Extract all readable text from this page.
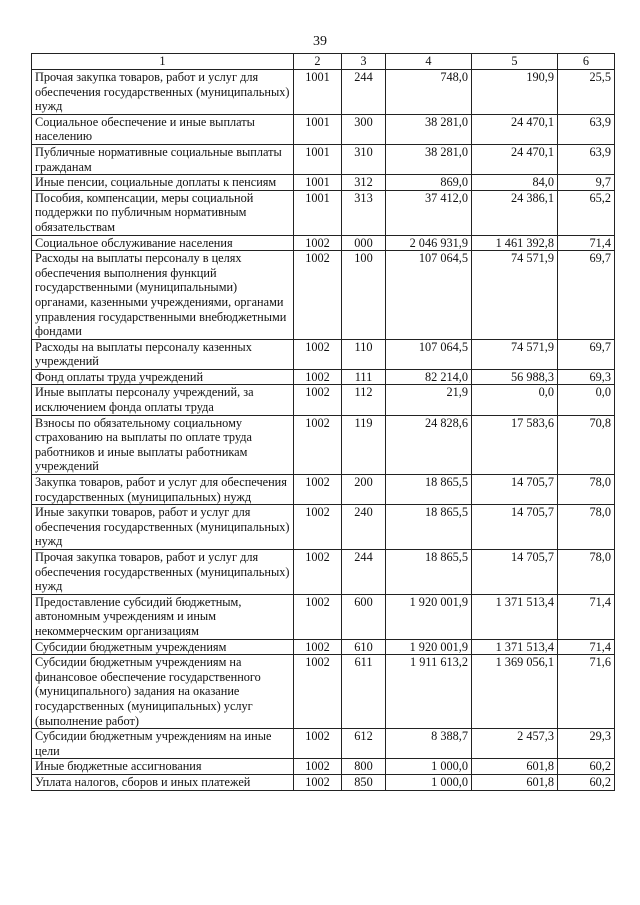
39
1	2	3	4	5	6
Прочая закупка товаров, работ и услуг для обеспечения государственных (муниципальных) нужд	1001	244	748,0	190,9	25,5
Социальное обеспечение и иные выплаты населению	1001	300	38 281,0	24 470,1	63,9
Публичные нормативные социальные выплаты гражданам	1001	310	38 281,0	24 470,1	63,9
Иные пенсии, социальные доплаты к пенсиям	1001	312	869,0	84,0	9,7
Пособия, компенсации, меры социальной поддержки по публичным нормативным обязательствам	1001	313	37 412,0	24 386,1	65,2
Социальное обслуживание населения	1002	000	2 046 931,9	1 461 392,8	71,4
Расходы на выплаты персоналу в целях обеспечения выполнения функций государственными (муниципальными) органами, казенными учреждениями, органами управления государственными внебюджетными фондами	1002	100	107 064,5	74 571,9	69,7
Расходы на выплаты персоналу казенных учреждений	1002	110	107 064,5	74 571,9	69,7
Фонд оплаты труда учреждений	1002	111	82 214,0	56 988,3	69,3
Иные выплаты персоналу учреждений, за исключением фонда оплаты труда	1002	112	21,9	0,0	0,0
Взносы по обязательному социальному страхованию на выплаты по оплате труда работников и иные выплаты работникам учреждений	1002	119	24 828,6	17 583,6	70,8
Закупка товаров, работ и услуг для обеспечения государственных (муниципальных) нужд	1002	200	18 865,5	14 705,7	78,0
Иные закупки товаров, работ и услуг для обеспечения государственных (муниципальных) нужд	1002	240	18 865,5	14 705,7	78,0
Прочая закупка товаров, работ и услуг для обеспечения государственных (муниципальных) нужд	1002	244	18 865,5	14 705,7	78,0
Предоставление субсидий бюджетным, автономным учреждениям и иным некоммерческим организациям	1002	600	1 920 001,9	1 371 513,4	71,4
Субсидии бюджетным учреждениям	1002	610	1 920 001,9	1 371 513,4	71,4
Субсидии бюджетным учреждениям на финансовое обеспечение государственного (муниципального) задания на оказание государственных (муниципальных) услуг (выполнение работ)	1002	611	1 911 613,2	1 369 056,1	71,6
Субсидии бюджетным учреждениям на иные цели	1002	612	8 388,7	2 457,3	29,3
Иные бюджетные ассигнования	1002	800	1 000,0	601,8	60,2
Уплата налогов, сборов и иных платежей	1002	850	1 000,0	601,8	60,2
